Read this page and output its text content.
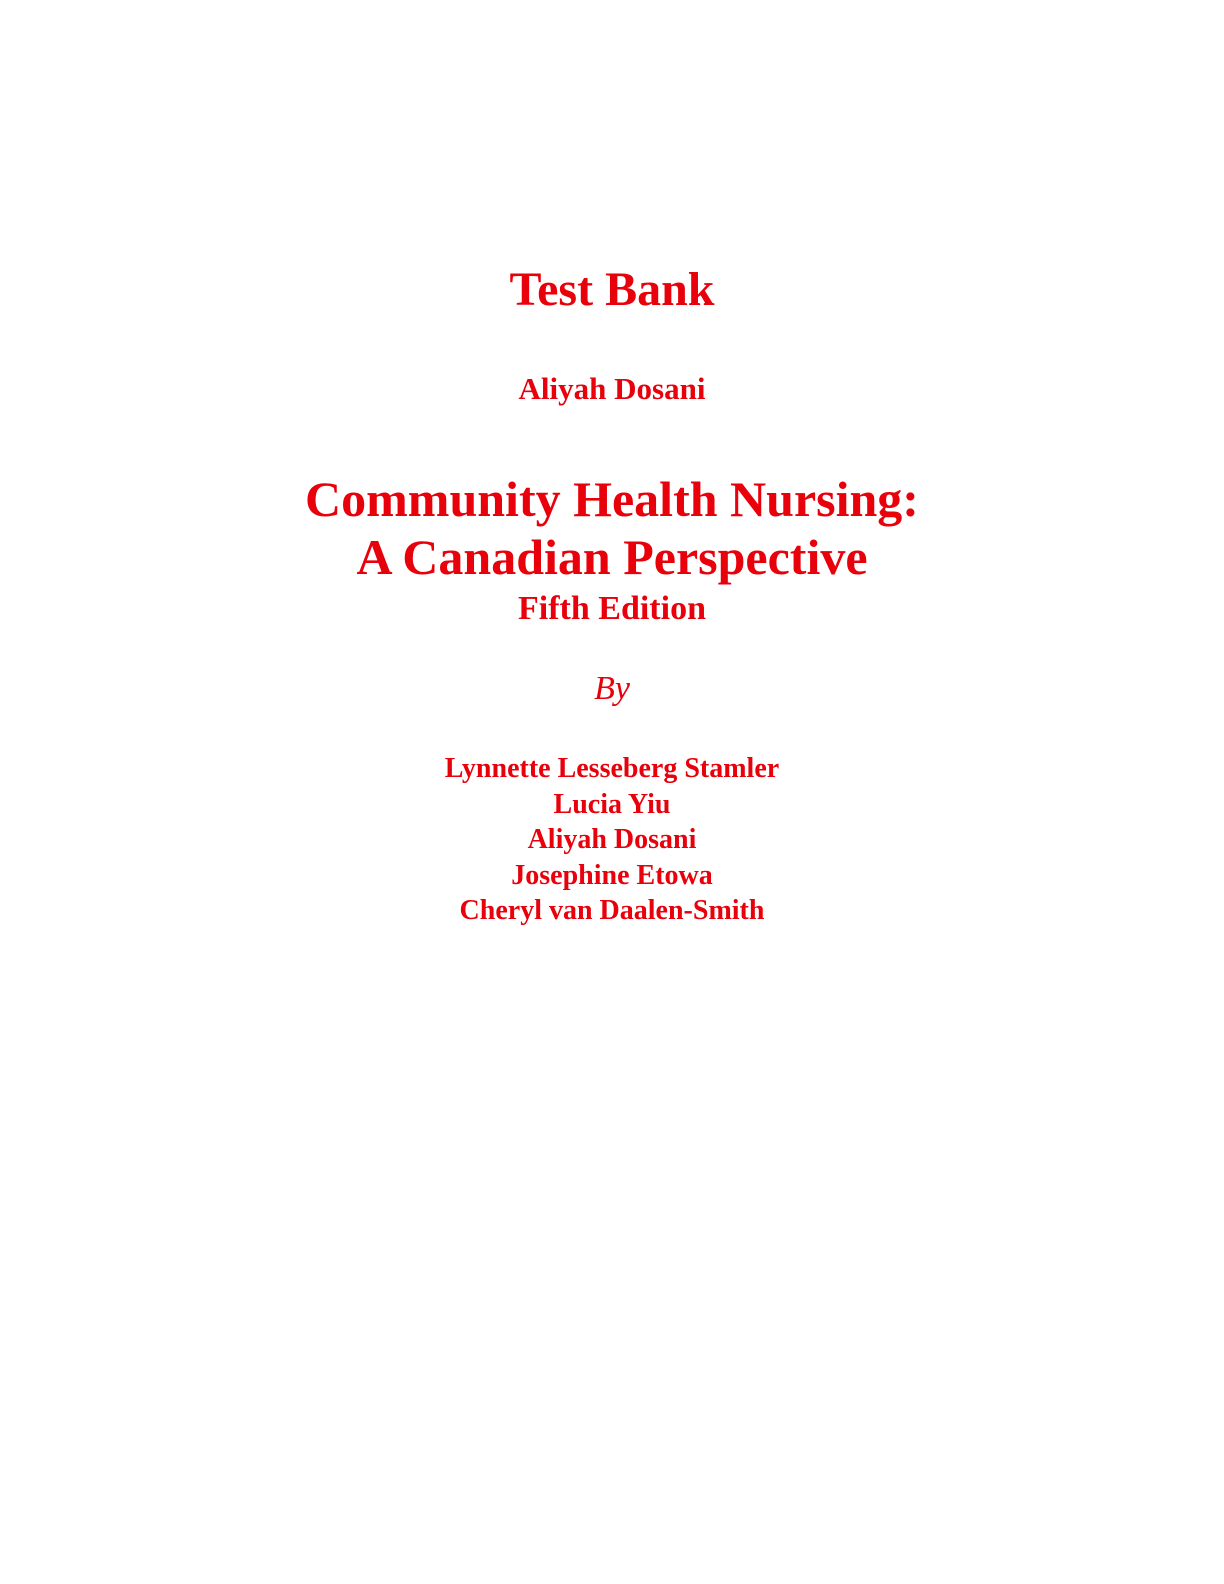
Test Bank
Aliyah Dosani
Community Health Nursing:
A Canadian Perspective
Fifth Edition
By
Lynnette Lesseberg Stamler
Lucia Yiu
Aliyah Dosani
Josephine Etowa
Cheryl van Daalen-Smith
